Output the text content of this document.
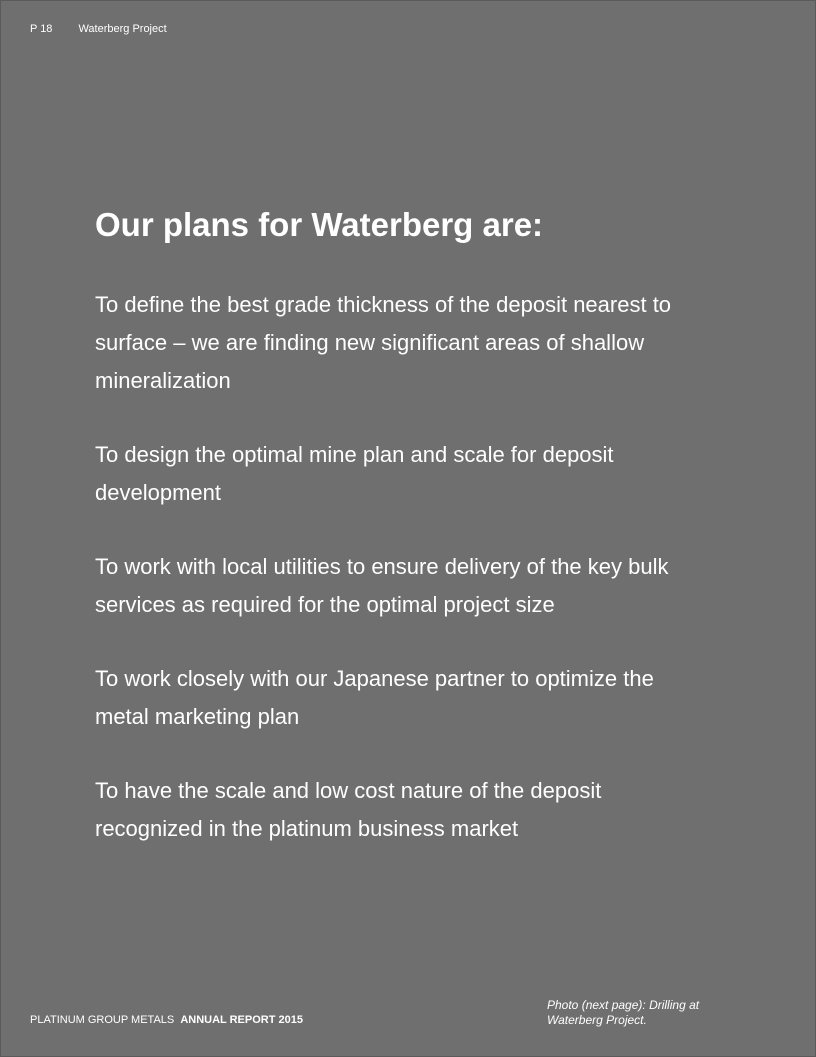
P 18 Waterberg Project
Our plans for Waterberg are:
To define the best grade thickness of the deposit nearest to surface – we are finding new significant areas of shallow mineralization
To design the optimal mine plan and scale for deposit development
To work with local utilities to ensure delivery of the key bulk services as required for the optimal project size
To work closely with our Japanese partner to optimize the metal marketing plan
To have the scale and low cost nature of the deposit recognized in the platinum business market
PLATINUM GROUP METALS ANNUAL REPORT 2015
Photo (next page): Drilling at Waterberg Project.
